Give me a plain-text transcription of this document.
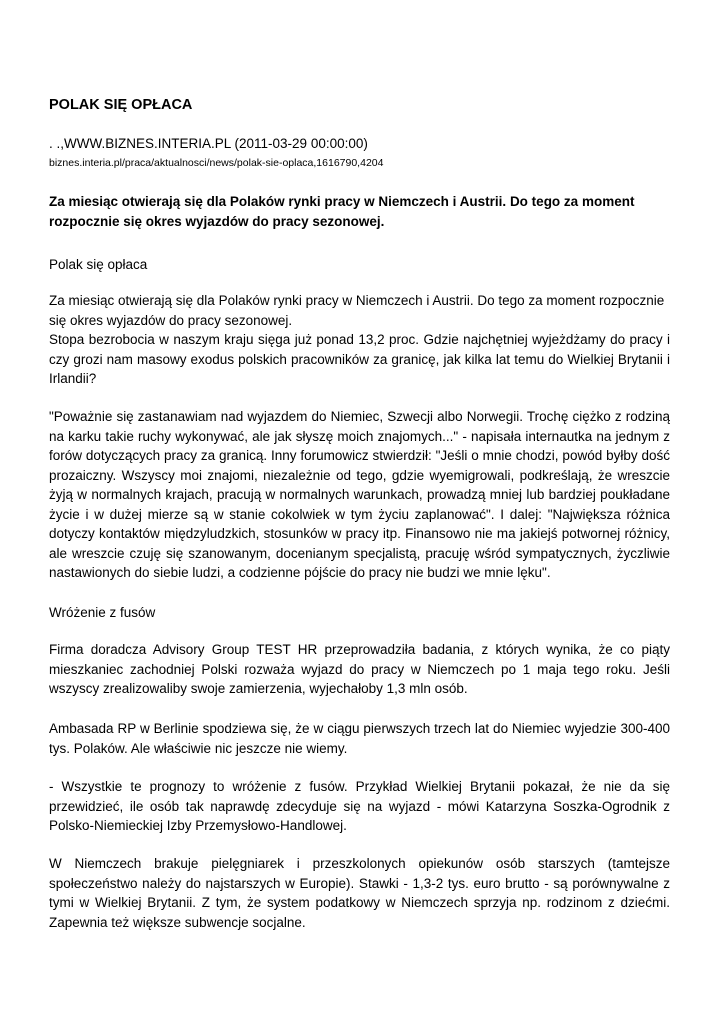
POLAK SIĘ OPŁACA
. .,WWW.BIZNES.INTERIA.PL (2011-03-29 00:00:00)
biznes.interia.pl/praca/aktualnosci/news/polak-sie-oplaca,1616790,4204

Za miesiąc otwierają się dla Polaków rynki pracy w Niemczech i Austrii. Do tego za moment rozpocznie się okres wyjazdów do pracy sezonowej.

Polak się opłaca
Za miesiąc otwierają się dla Polaków rynki pracy w Niemczech i Austrii. Do tego za moment rozpocznie się okres wyjazdów do pracy sezonowej.
Stopa bezrobocia w naszym kraju sięga już ponad 13,2 proc. Gdzie najchętniej wyjeżdżamy do pracy i czy grozi nam masowy exodus polskich pracowników za granicę, jak kilka lat temu do Wielkiej Brytanii i Irlandii?

"Poważnie się zastanawiam nad wyjazdem do Niemiec, Szwecji albo Norwegii. Trochę ciężko z rodziną na karku takie ruchy wykonywać, ale jak słyszę moich znajomych..." - napisała internautka na jednym z forów dotyczących pracy za granicą. Inny forumowicz stwierdził: "Jeśli o mnie chodzi, powód byłby dość prozaiczny. Wszyscy moi znajomi, niezależnie od tego, gdzie wyemigrowali, podkreślają, że wreszcie żyją w normalnych krajach, pracują w normalnych warunkach, prowadzą mniej lub bardziej poukładane życie i w dużej mierze są w stanie cokolwiek w tym życiu zaplanować". I dalej: "Największa różnica dotyczy kontaktów międzyludzkich, stosunków w pracy itp. Finansowo nie ma jakiejś potwornej różnicy, ale wreszcie czuję się szanowanym, docenianym specjalistą, pracuję wśród sympatycznych, życzliwie nastawionych do siebie ludzi, a codzienne pójście do pracy nie budzi we mnie lęku".

Wróżenie z fusów

Firma doradcza Advisory Group TEST HR przeprowadziła badania, z których wynika, że co piąty mieszkaniec zachodniej Polski rozważa wyjazd do pracy w Niemczech po 1 maja tego roku. Jeśli wszyscy zrealizowaliby swoje zamierzenia, wyjechałoby 1,3 mln osób.

Ambasada RP w Berlinie spodziewa się, że w ciągu pierwszych trzech lat do Niemiec wyjedzie 300-400 tys. Polaków. Ale właściwie nic jeszcze nie wiemy.

- Wszystkie te prognozy to wróżenie z fusów. Przykład Wielkiej Brytanii pokazał, że nie da się przewidzieć, ile osób tak naprawdę zdecyduje się na wyjazd - mówi Katarzyna Soszka-Ogrodnik z Polsko-Niemieckiej Izby Przemysłowo-Handlowej.

W Niemczech brakuje pielęgniarek i przeszkolonych opiekunów osób starszych (tamtejsze społeczeństwo należy do najstarszych w Europie). Stawki - 1,3-2 tys. euro brutto - są porównywalne z tymi w Wielkiej Brytanii. Z tym, że system podatkowy w Niemczech sprzyja np. rodzinom z dziećmi. Zapewnia też większe subwencje socjalne.
